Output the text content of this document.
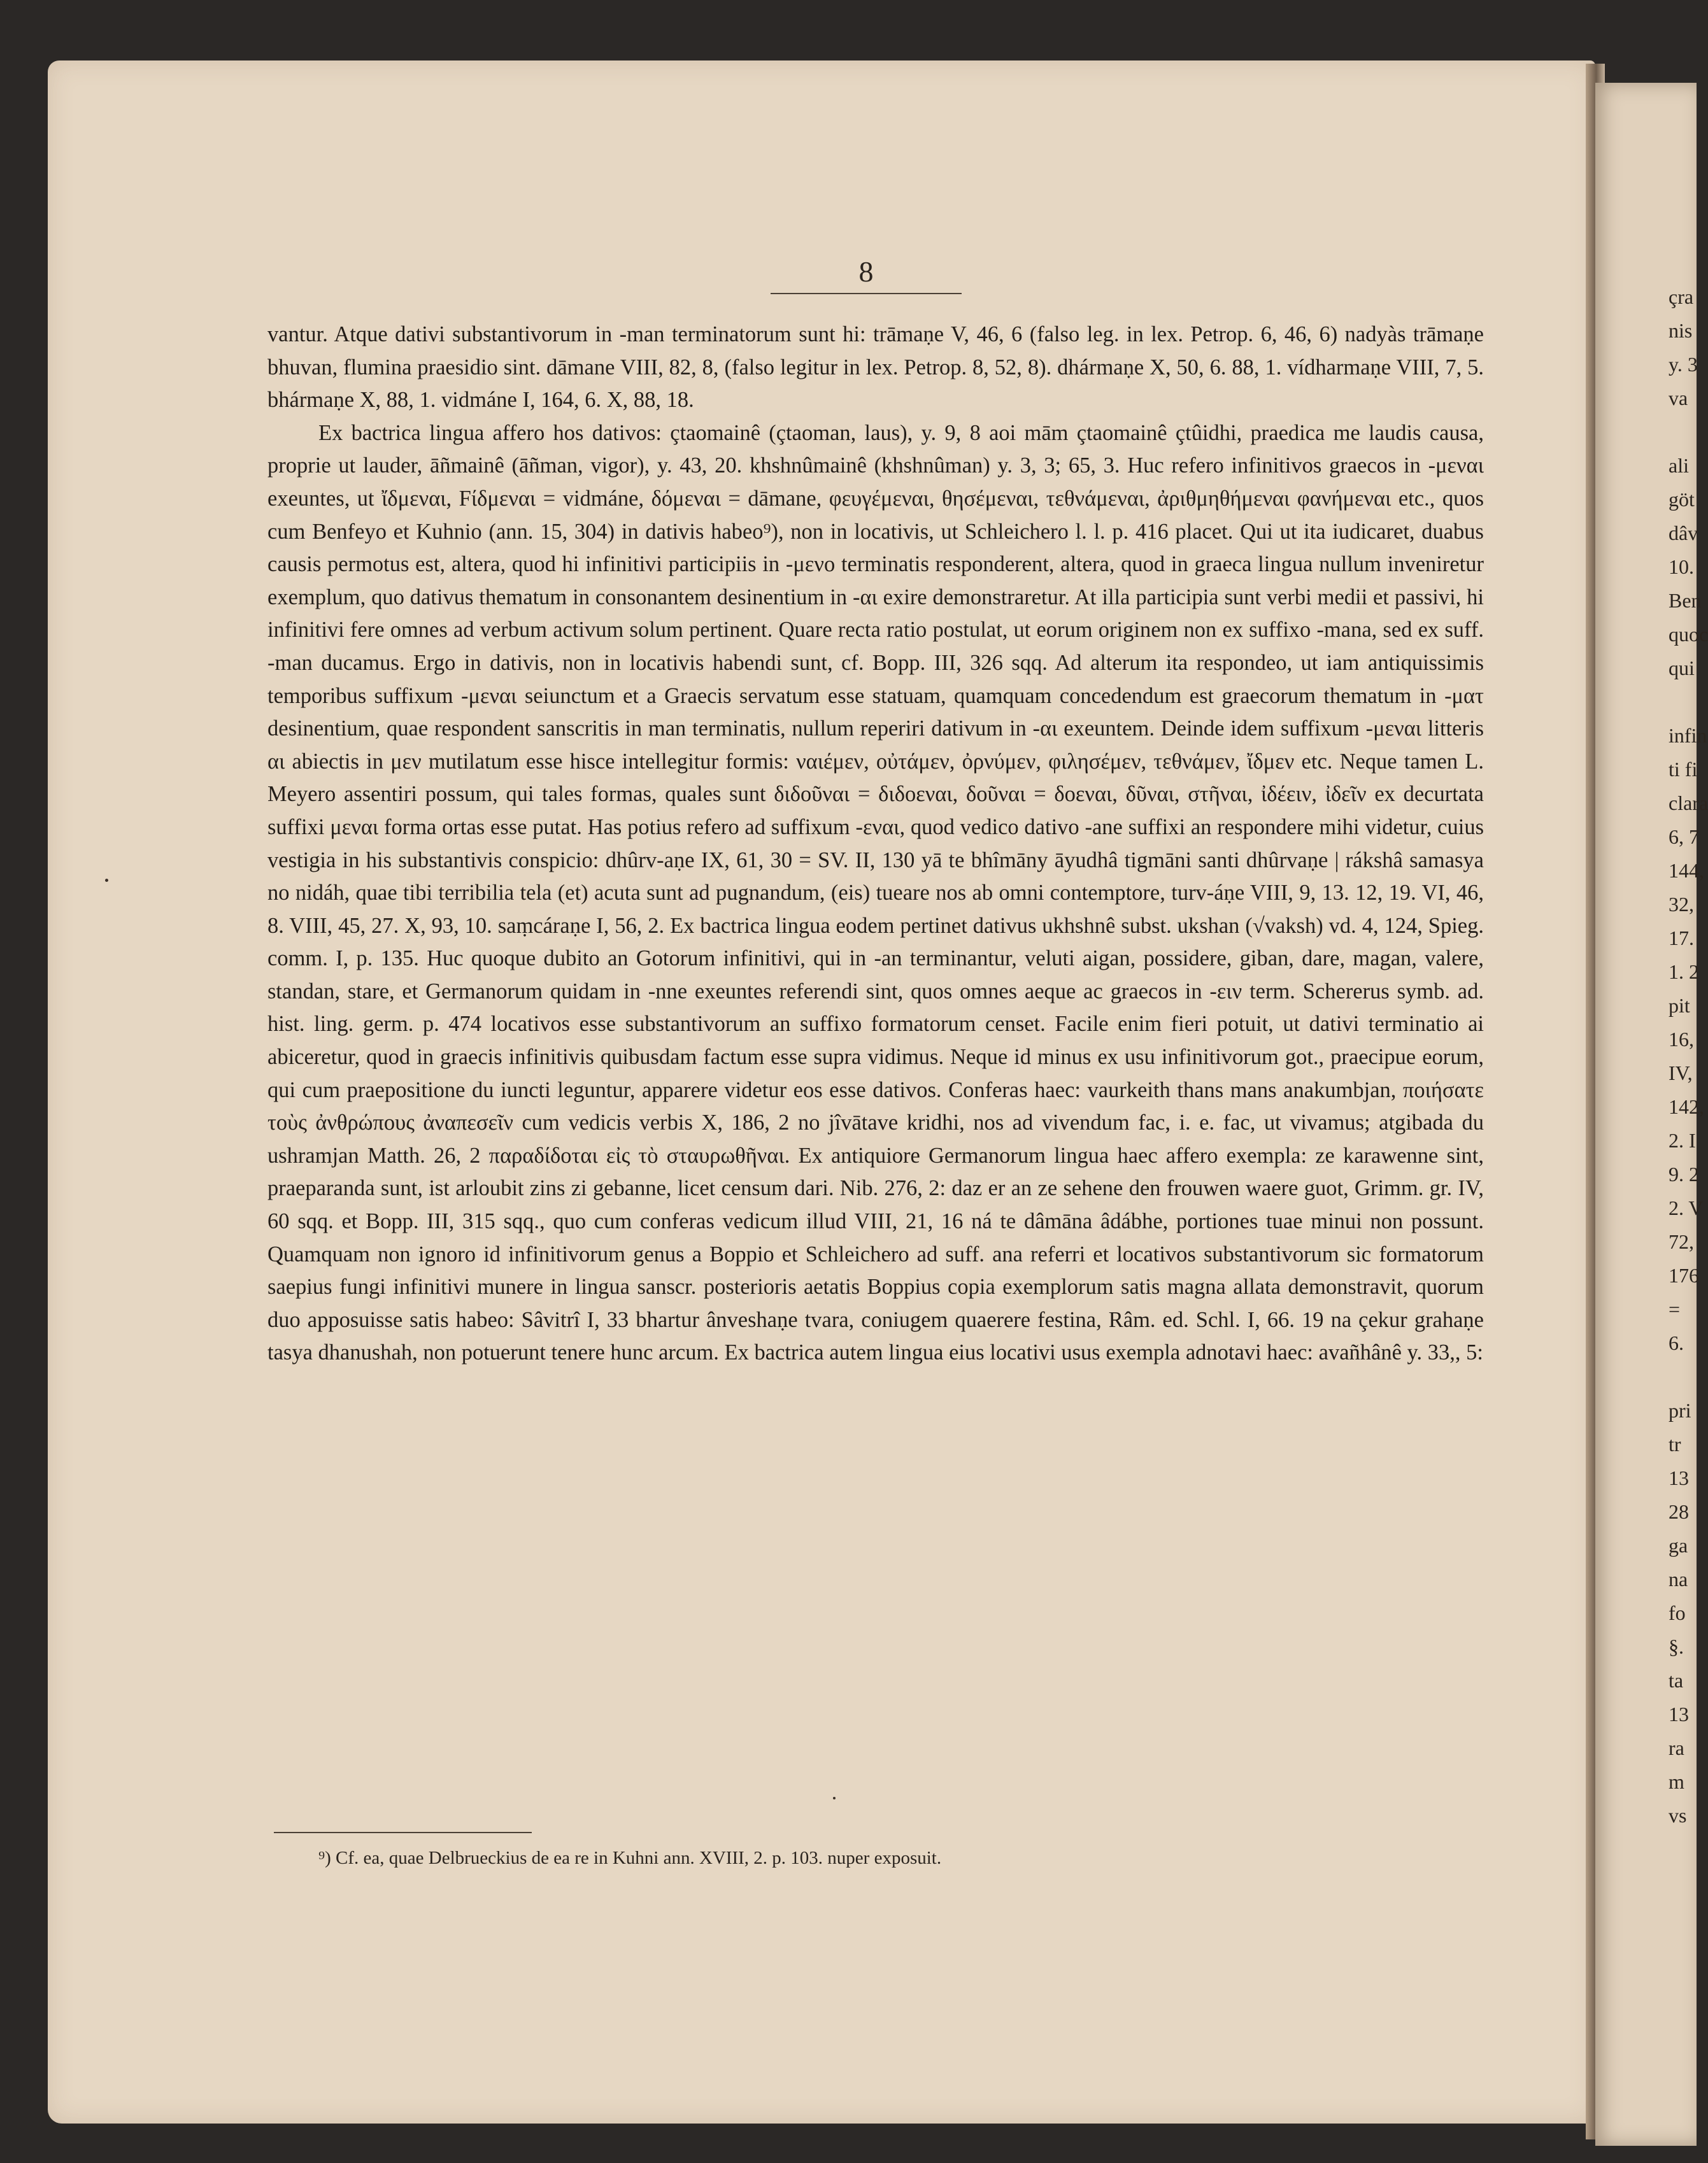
8

vantur. Atque dativi substantivorum in -man terminatorum sunt hi: trāmaṇe V, 46, 6 (falso leg. in lex. Petrop. 6, 46, 6) nadyàs trāmaṇe bhuvan, flumina praesidio sint. dāmane VIII, 82, 8, (falso legitur in lex. Petrop. 8, 52, 8). dhármaṇe X, 50, 6. 88, 1. vídharmaṇe VIII, 7, 5. bhármaṇe X, 88, 1. vidmáne I, 164, 6. X, 88, 18.

Ex bactrica lingua affero hos dativos: çtaomainê (çtaoman, laus), y. 9, 8 aoi mām çtaomainê çtûidhi, praedica me laudis causa, proprie ut lauder, āñmainê (āñman, vigor), y. 43, 20. khshnûmainê (khshnûman) y. 3, 3; 65, 3. Huc refero infinitivos graecos in -μεναι exeuntes, ut ἴδμεναι, Fίδμεναι = vidmáne, δόμεναι = dāmane, φευγέμεναι, θησέμεναι, τεθνάμεναι, ἀριθμηθήμεναι φανήμεναι etc., quos cum Benfeyo et Kuhnio (ann. 15, 304) in dativis habeo⁹), non in locativis, ut Schleichero l. l. p. 416 placet. Qui ut ita iudicaret, duabus causis permotus est, altera, quod hi infinitivi participiis in -μενο terminatis responderent, altera, quod in graeca lingua nullum inveniretur exemplum, quo dativus thematum in consonantem desinentium in -αι exire demonstraretur. At illa participia sunt verbi medii et passivi, hi infinitivi fere omnes ad verbum activum solum pertinent. Quare recta ratio postulat, ut eorum originem non ex suffixo -mana, sed ex suff. -man ducamus. Ergo in dativis, non in locativis habendi sunt, cf. Bopp. III, 326 sqq. Ad alterum ita respondeo, ut iam antiquissimis temporibus suffixum -μεναι seiunctum et a Graecis servatum esse statuam, quamquam concedendum est graecorum thematum in -ματ desinentium, quae respondent sanscritis in man terminatis, nullum reperiri dativum in -αι exeuntem. Deinde idem suffixum -μεναι litteris αι abiectis in μεν mutilatum esse hisce intellegitur formis: ναιέμεν, οὐτάμεν, ὀρνύμεν, φιλησέμεν, τεθνάμεν, ἴδμεν etc. Neque tamen L. Meyero assentiri possum, qui tales formas, quales sunt διδοῦναι = διδοεναι, δοῦναι = δοεναι, δῦναι, στῆναι, ἰδέειν, ἰδεῖν ex decurtata suffixi μεναι forma ortas esse putat. Has potius refero ad suffixum -εναι, quod vedico dativo -ane suffixi an respondere mihi videtur, cuius vestigia in his substantivis conspicio: dhûrv-aṇe IX, 61, 30 = SV. II, 130 yā te bhîmāny āyudhâ tigmāni santi dhûrvaṇe | rákshâ samasya no nidáh, quae tibi terribilia tela (et) acuta sunt ad pugnandum, (eis) tueare nos ab omni contemptore, turv-áṇe VIII, 9, 13. 12, 19. VI, 46, 8. VIII, 45, 27. X, 93, 10. saṃcáraṇe I, 56, 2. Ex bactrica lingua eodem pertinet dativus ukhshnê subst. ukshan (√vaksh) vd. 4, 124, Spieg. comm. I, p. 135. Huc quoque dubito an Gotorum infinitivi, qui in -an terminantur, veluti aigan, possidere, giban, dare, magan, valere, standan, stare, et Germanorum quidam in -nne exeuntes referendi sint, quos omnes aeque ac graecos in -ειν term. Schererus symb. ad. hist. ling. germ. p. 474 locativos esse substantivorum an suffixo formatorum censet. Facile enim fieri potuit, ut dativi terminatio ai abiceretur, quod in graecis infinitivis quibusdam factum esse supra vidimus. Neque id minus ex usu infinitivorum got., praecipue eorum, qui cum praepositione du iuncti leguntur, apparere videtur eos esse dativos. Conferas haec: vaurkeith thans mans anakumbjan, ποιήσατε τοὺς ἀνθρώπους ἀναπεσεῖν cum vedicis verbis X, 186, 2 no jîvātave kridhi, nos ad vivendum fac, i. e. fac, ut vivamus; atgibada du ushramjan Matth. 26, 2 παραδίδοται εἰς τὸ σταυρωθῆναι. Ex antiquiore Germanorum lingua haec affero exempla: ze karawenne sint, praeparanda sunt, ist arloubit zins zi gebanne, licet censum dari. Nib. 276, 2: daz er an ze sehene den frouwen waere guot, Grimm. gr. IV, 60 sqq. et Bopp. III, 315 sqq., quo cum conferas vedicum illud VIII, 21, 16 ná te dâmāna âdábhe, portiones tuae minui non possunt. Quamquam non ignoro id infinitivorum genus a Boppio et Schleichero ad suff. ana referri et locativos substantivorum sic formatorum saepius fungi infinitivi munere in lingua sanscr. posterioris aetatis Boppius copia exemplorum satis magna allata demonstravit, quorum duo apposuisse satis habeo: Sâvitrî I, 33 bhartur ânveshaṇe tvara, coniugem quaerere festina, Râm. ed. Schl. I, 66. 19 na çekur grahaṇe tasya dhanushah, non potuerunt tenere hunc arcum. Ex bactrica autem lingua eius locativi usus exempla adnotavi haec: avañhânê y. 33,, 5:

⁹) Cf. ea, quae Delbrueckius de ea re in Kuhni ann. XVIII, 2. p. 103. nuper exposuit.
çra
nis
y. 3
va
ali
göt
dâv
10.
Ben
quoc
qui
infin
ti fi
clara
6, 7
144,
32,
17.
1. 2
pit
16,
IV,
142,
2. I
9. 2
2. V
72,
176
=
6.
pri
tr
13
28
ga
na
fo
§.
ta
13
ra
m
vs
